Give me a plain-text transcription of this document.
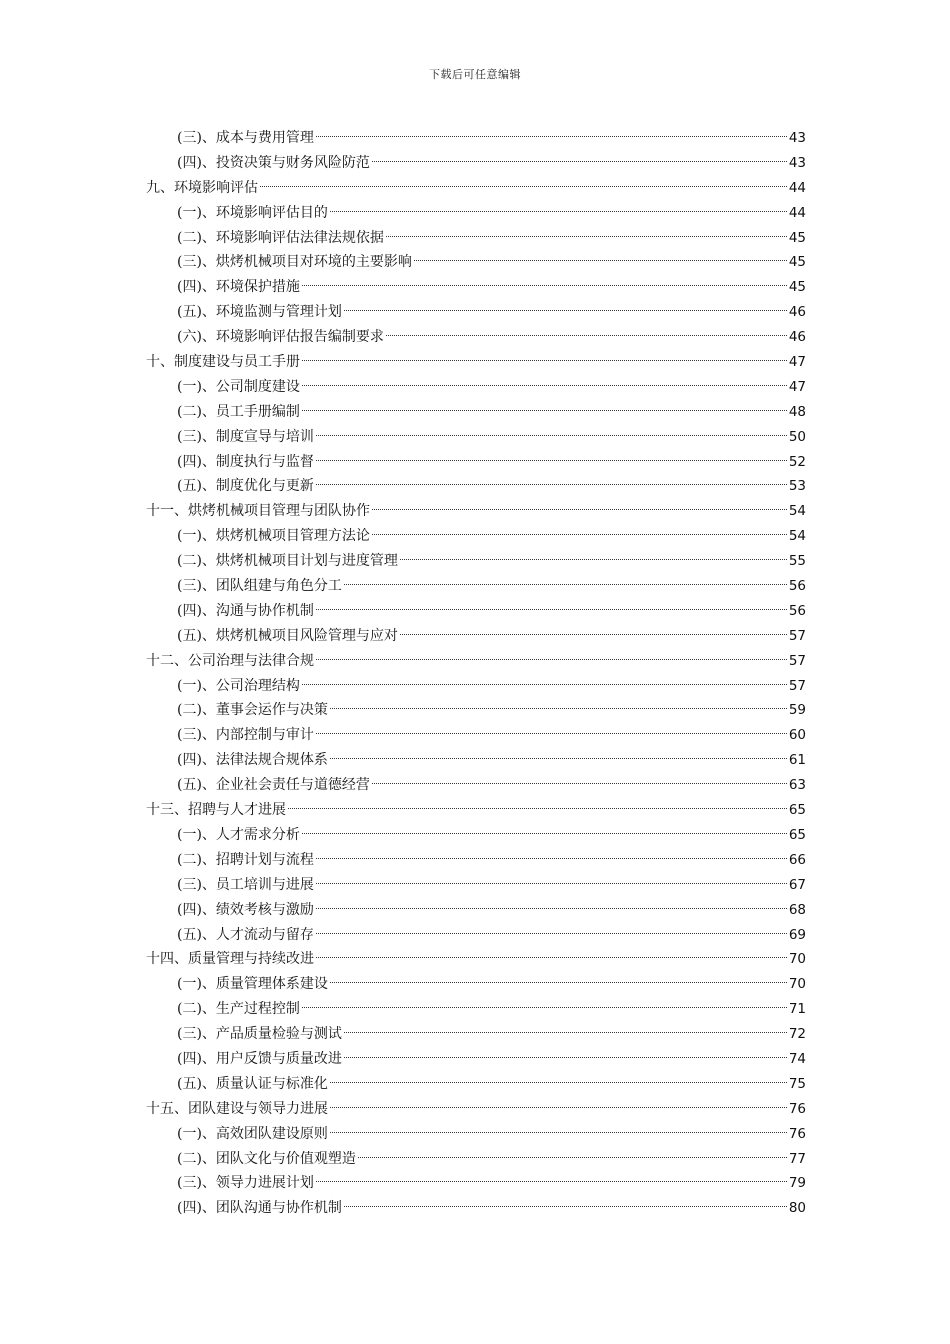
下载后可任意编辑
(三)、成本与费用管理	43
(四)、投资决策与财务风险防范	43
九、环境影响评估	44
(一)、环境影响评估目的	44
(二)、环境影响评估法律法规依据	45
(三)、烘烤机械项目对环境的主要影响	45
(四)、环境保护措施	45
(五)、环境监测与管理计划	46
(六)、环境影响评估报告编制要求	46
十、制度建设与员工手册	47
(一)、公司制度建设	47
(二)、员工手册编制	48
(三)、制度宣导与培训	50
(四)、制度执行与监督	52
(五)、制度优化与更新	53
十一、烘烤机械项目管理与团队协作	54
(一)、烘烤机械项目管理方法论	54
(二)、烘烤机械项目计划与进度管理	55
(三)、团队组建与角色分工	56
(四)、沟通与协作机制	56
(五)、烘烤机械项目风险管理与应对	57
十二、公司治理与法律合规	57
(一)、公司治理结构	57
(二)、董事会运作与决策	59
(三)、内部控制与审计	60
(四)、法律法规合规体系	61
(五)、企业社会责任与道德经营	63
十三、招聘与人才进展	65
(一)、人才需求分析	65
(二)、招聘计划与流程	66
(三)、员工培训与进展	67
(四)、绩效考核与激励	68
(五)、人才流动与留存	69
十四、质量管理与持续改进	70
(一)、质量管理体系建设	70
(二)、生产过程控制	71
(三)、产品质量检验与测试	72
(四)、用户反馈与质量改进	74
(五)、质量认证与标准化	75
十五、团队建设与领导力进展	76
(一)、高效团队建设原则	76
(二)、团队文化与价值观塑造	77
(三)、领导力进展计划	79
(四)、团队沟通与协作机制	80
